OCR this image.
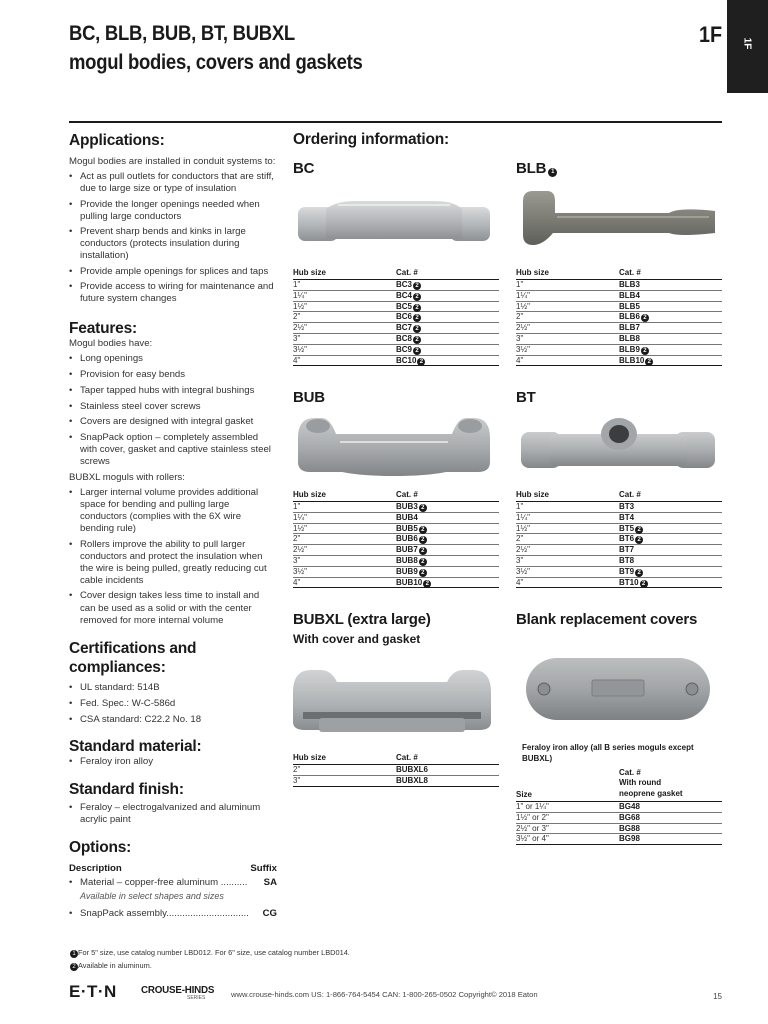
BC, BLB, BUB, BT, BUBXL
mogul bodies, covers and gaskets
1F 1F
Applications:
Mogul bodies are installed in conduit systems to:
• Act as pull outlets for conductors that are stiff, due to large size or type of insulation
• Provide the longer openings needed when pulling large conductors
• Prevent sharp bends and kinks in large conductors (protects insulation during installation)
• Provide ample openings for splices and taps
• Provide access to wiring for maintenance and future system changes
Features:
Mogul bodies have:
• Long openings
• Provision for easy bends
• Taper tapped hubs with integral bushings
• Stainless steel cover screws
• Covers are designed with integral gasket
• SnapPack option – completely assembled with cover, gasket and captive stainless steel screws
BUBXL moguls with rollers:
• Larger internal volume provides additional space for bending and pulling large conductors (complies with the 6X wire bending rule)
• Rollers improve the ability to pull larger conductors and protect the insulation when the wire is being pulled, greatly reducing cut cable incidents
• Cover design takes less time to install and can be used as a solid or with the center removed for more internal volume
Certifications and
compliances:
• UL standard: 514B
• Fed. Spec.: W-C-586d
• CSA standard: C22.2 No. 18
Standard material:
• Feraloy iron alloy
Standard finish:
• Feraloy – electrogalvanized and aluminum acrylic paint
Options:
Description	Suffix
• Material – copper-free aluminum ..........	SA
Available in select shapes and sizes
• SnapPack assembly...............................	CG
Ordering information:
BC
Hub size	Cat. #
1"	BC3 2
1¼"	BC4 2
1½"	BC5 2
2"	BC6 2
2½"	BC7 2
3"	BC8 2
3½"	BC9 2
4"	BC10 2
BLB 1
Hub size	Cat. #
1"	BLB3
1¼"	BLB4
1½"	BLB5
2"	BLB6 2
2½"	BLB7
3"	BLB8
3½"	BLB9 2
4"	BLB10 2
BUB
Hub size	Cat. #
1"	BUB3 2
1¼"	BUB4
1½"	BUB5 2
2"	BUB6 2
2½"	BUB7 2
3"	BUB8 2
3½"	BUB9 2
4"	BUB10 2
BT
Hub size	Cat. #
1"	BT3
1¼"	BT4
1½"	BT5 2
2"	BT6 2
2½"	BT7
3"	BT8
3½"	BT9 2
4"	BT10 2
BUBXL (extra large)
With cover and gasket
Hub size	Cat. #
2"	BUBXL6
3"	BUBXL8
Blank replacement covers
Feraloy iron alloy (all B series moguls except BUBXL)
Size
Cat. #
With round
neoprene gasket
1" or 1¼"	BG48
1½" or 2"	BG68
2½" or 3"	BG88
3½" or 4"	BG98
1 For 5" size, use catalog number LBD012. For 6" size, use catalog number LBD014.
2 Available in aluminum.
E·T·N CROUSE-HINDS
SERIES	www.crouse-hinds.com US: 1-866-764-5454 CAN: 1-800-265-0502 Copyright© 2018 Eaton	15
